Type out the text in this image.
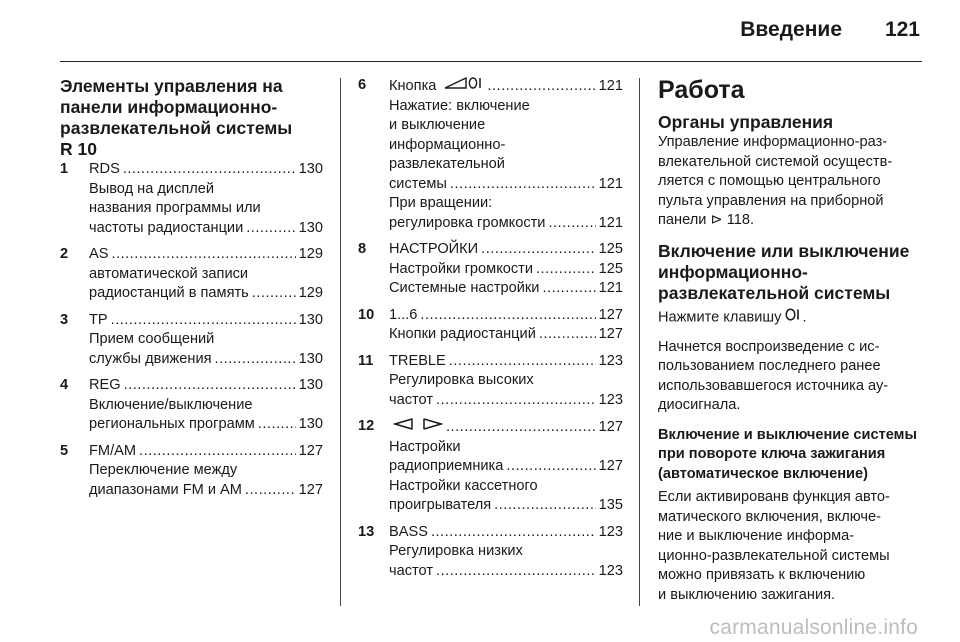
Введение 121
Элементы управления на
панели информационно-
развлекательной системы
R 10
1 RDS .....	130
Вывод на дисплей
названия программы или
частоты радиостанции .....	130
2 AS .....	129
автоматической записи
радиостанций в память .....	129
3 TP .....	130
Прием сообщений
службы движения .....	130
4 REG .....	130
Включение/выключение
региональных программ .....	130
5 FM/AM .....	127
Переключение между
диапазонами FM и AM .....	127
6 Кнопка .....	121
Нажатие: включение
и выключение
информационно-
развлекательной
системы .....	121
При вращении:
регулировка громкости .....	121
8 НАСТРОЙКИ .....	125
Настройки громкости .....	125
Системные настройки .....	121
10 1...6 .....	127
Кнопки радиостанций .....	127
11 TREBLE .....	123
Регулировка высоких
частот .....	123
12 .....	127
Настройки
радиоприемника .....	127
Настройки кассетного
проигрывателя .....	135
13 BASS .....	123
Регулировка низких
частот .....	123
Работа
Органы управления
Управление информационно-раз-
влекательной системой осуществ-
ляется с помощью центрального
пульта управления на приборной
панели ⊳ 118.
Включение или выключение
информационно-
развлекательной системы
Нажмите клавишу .
Начнется воспроизведение с ис-
пользованием последнего ранее
использовавшегося источника ау-
диосигнала.
Включение и выключение системы
при повороте ключа зажигания
(автоматическое включение)
Если активированв функция авто-
матического включения, включе-
ние и выключение информа-
ционно-развлекательной системы
можно привязать к включению
и выключению зажигания.
carmanualsonline.info
